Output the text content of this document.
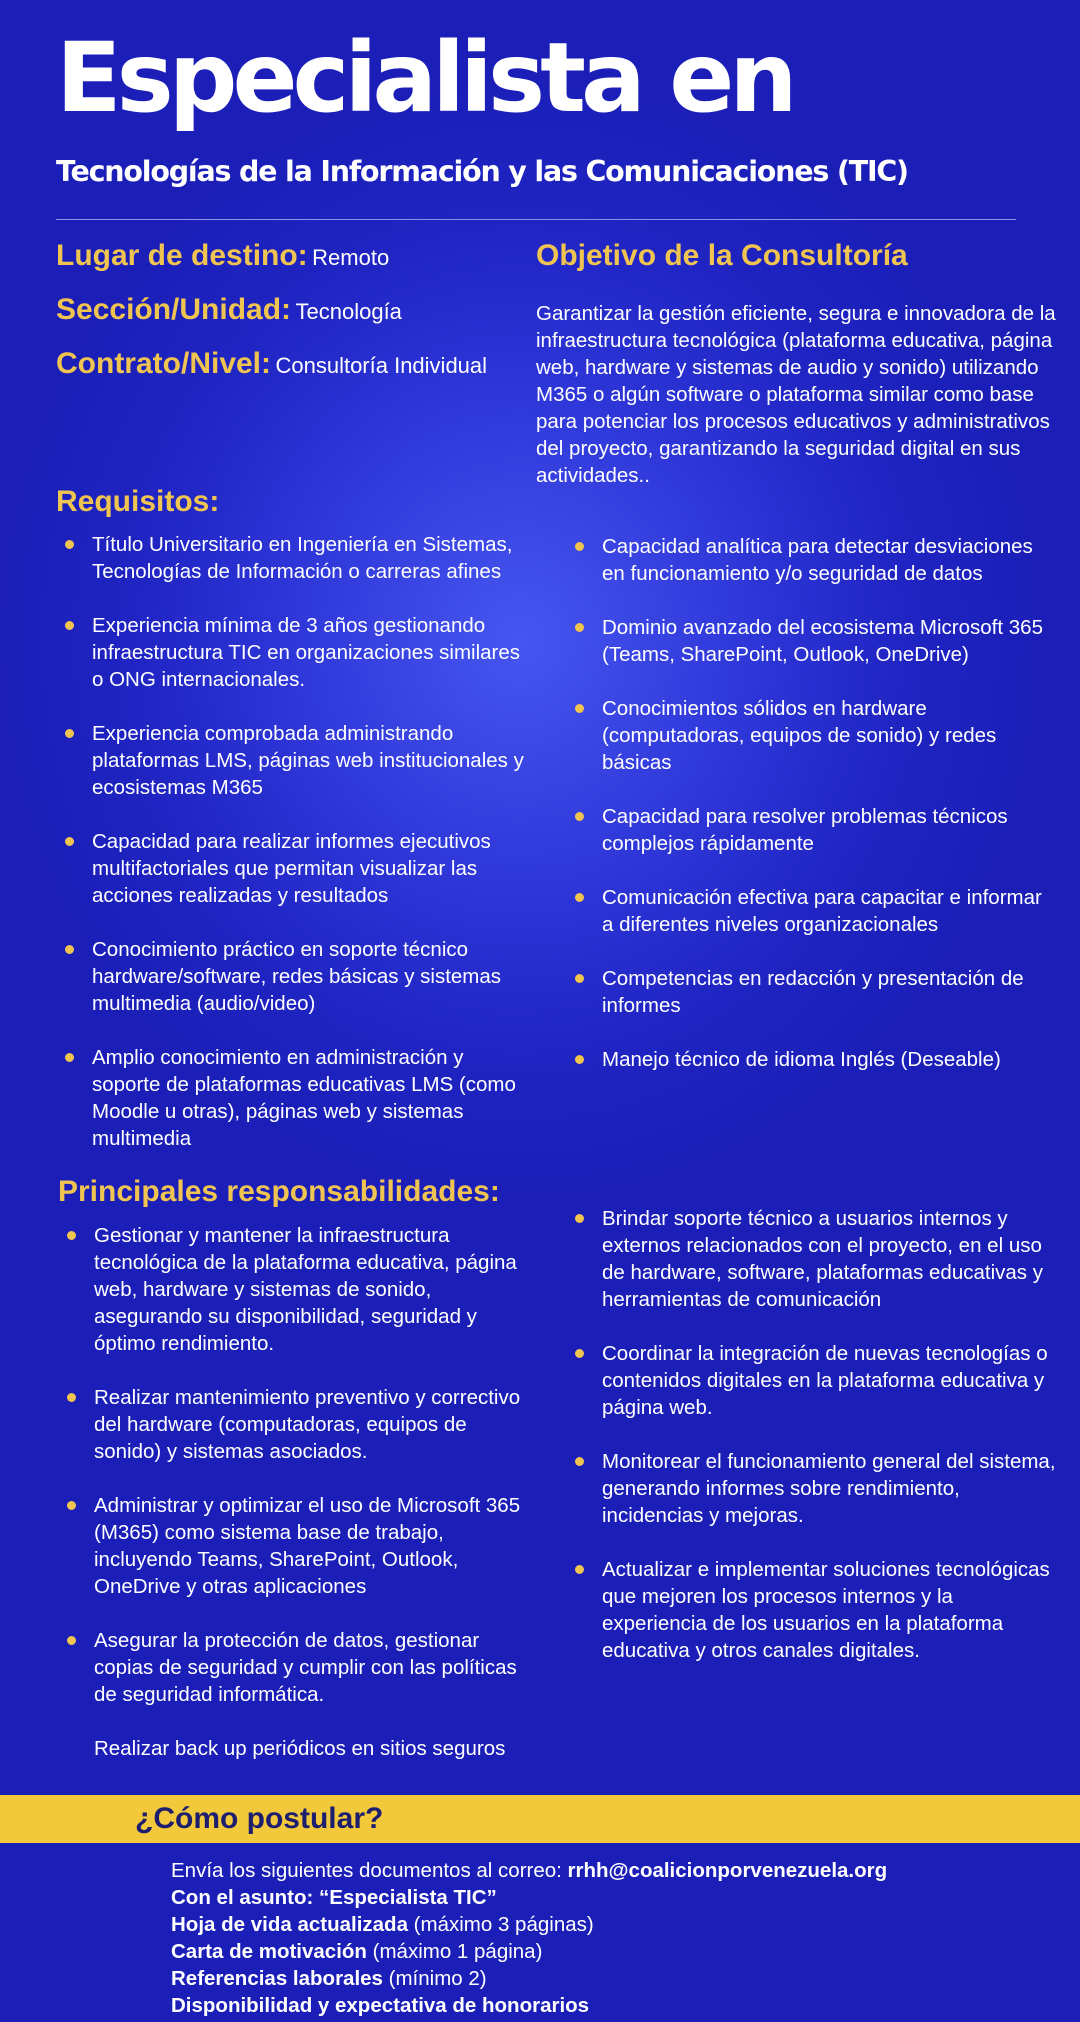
Especialista en
Tecnologías de la Información y las Comunicaciones (TIC)
Lugar de destino: Remoto
Sección/Unidad: Tecnología
Contrato/Nivel: Consultoría Individual
Objetivo de la Consultoría
Garantizar la gestión eficiente, segura e innovadora de la infraestructura tecnológica (plataforma educativa, página web, hardware y sistemas de audio y sonido) utilizando M365 o algún software o plataforma similar como base para potenciar los procesos educativos y administrativos del proyecto, garantizando la seguridad digital en sus actividades..
Requisitos:
Título Universitario en Ingeniería en Sistemas, Tecnologías de Información o carreras afines
Experiencia mínima de 3 años gestionando infraestructura TIC en organizaciones similares o ONG internacionales.
Experiencia comprobada administrando plataformas LMS, páginas web institucionales y ecosistemas M365
Capacidad para realizar informes ejecutivos multifactoriales que permitan visualizar las acciones realizadas y resultados
Conocimiento práctico en soporte técnico hardware/software, redes básicas y sistemas multimedia (audio/video)
Amplio conocimiento en administración y soporte de plataformas educativas LMS (como Moodle u otras), páginas web y sistemas multimedia
Capacidad analítica para detectar desviaciones en funcionamiento y/o seguridad de datos
Dominio avanzado del ecosistema Microsoft 365 (Teams, SharePoint, Outlook, OneDrive)
Conocimientos sólidos en hardware (computadoras, equipos de sonido) y redes básicas
Capacidad para resolver problemas técnicos complejos rápidamente
Comunicación efectiva para capacitar e informar a diferentes niveles organizacionales
Competencias en redacción y presentación de informes
Manejo técnico de idioma Inglés (Deseable)
Principales responsabilidades:
Gestionar y mantener la infraestructura tecnológica de la plataforma educativa, página web, hardware y sistemas de sonido, asegurando su disponibilidad, seguridad y óptimo rendimiento.
Realizar mantenimiento preventivo y correctivo del hardware (computadoras, equipos de sonido) y sistemas asociados.
Administrar y optimizar el uso de Microsoft 365 (M365) como sistema base de trabajo, incluyendo Teams, SharePoint, Outlook, OneDrive y otras aplicaciones
Asegurar la protección de datos, gestionar copias de seguridad y cumplir con las políticas de seguridad informática.
Realizar back up periódicos en sitios seguros
Brindar soporte técnico a usuarios internos y externos relacionados con el proyecto, en el uso de hardware, software, plataformas educativas y herramientas de comunicación
Coordinar la integración de nuevas tecnologías o contenidos digitales en la plataforma educativa y página web.
Monitorear el funcionamiento general del sistema, generando informes sobre rendimiento, incidencias y mejoras.
Actualizar e implementar soluciones tecnológicas que mejoren los procesos internos y la experiencia de los usuarios en la plataforma educativa y otros canales digitales.
¿Cómo postular?
Envía los siguientes documentos al correo: rrhh@coalicionporvenezuela.org
Con el asunto: “Especialista TIC”
Hoja de vida actualizada (máximo 3 páginas)
Carta de motivación (máximo 1 página)
Referencias laborales (mínimo 2)
Disponibilidad y expectativa de honorarios
